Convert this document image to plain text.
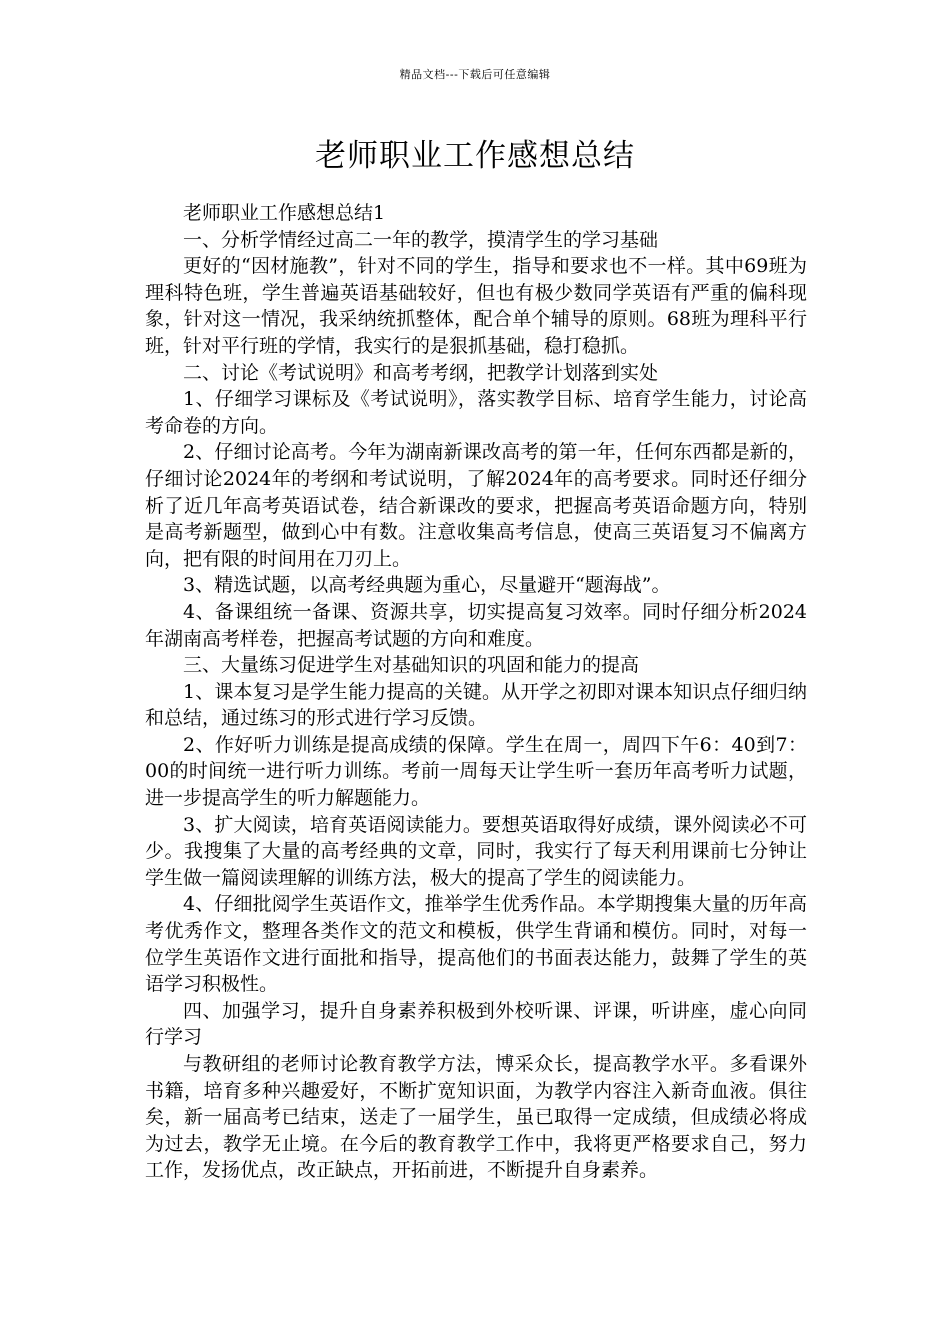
精品文档---下载后可任意编辑
老师职业工作感想总结

老师职业工作感想总结1

一、分析学情经过高二一年的教学，摸清学生的学习基础

更好的“因材施教”，针对不同的学生，指导和要求也不一样。其中69班为理科特色班，学生普遍英语基础较好，但也有极少数同学英语有严重的偏科现象，针对这一情况，我采纳统抓整体，配合单个辅导的原则。68班为理科平行班，针对平行班的学情，我实行的是狠抓基础，稳打稳抓。

二、讨论《考试说明》和高考考纲，把教学计划落到实处

1、仔细学习课标及《考试说明》，落实教学目标、培育学生能力，讨论高考命卷的方向。

2、仔细讨论高考。今年为湖南新课改高考的第一年，任何东西都是新的，仔细讨论2024年的考纲和考试说明，了解2024年的高考要求。同时还仔细分析了近几年高考英语试卷，结合新课改的要求，把握高考英语命题方向，特别是高考新题型，做到心中有数。注意收集高考信息，使高三英语复习不偏离方向，把有限的时间用在刀刃上。

3、精选试题，以高考经典题为重心，尽量避开“题海战”。

4、备课组统一备课、资源共享，切实提高复习效率。同时仔细分析2024年湖南高考样卷，把握高考试题的方向和难度。

三、大量练习促进学生对基础知识的巩固和能力的提高

1、课本复习是学生能力提高的关键。从开学之初即对课本知识点仔细归纳和总结，通过练习的形式进行学习反馈。

2、作好听力训练是提高成绩的保障。学生在周一，周四下午6：40到7：00的时间统一进行听力训练。考前一周每天让学生听一套历年高考听力试题，进一步提高学生的听力解题能力。

3、扩大阅读，培育英语阅读能力。要想英语取得好成绩，课外阅读必不可少。我搜集了大量的高考经典的文章，同时，我实行了每天利用课前七分钟让学生做一篇阅读理解的训练方法，极大的提高了学生的阅读能力。

4、仔细批阅学生英语作文，推举学生优秀作品。本学期搜集大量的历年高考优秀作文，整理各类作文的范文和模板，供学生背诵和模仿。同时，对每一位学生英语作文进行面批和指导，提高他们的书面表达能力，鼓舞了学生的英语学习积极性。

四、加强学习，提升自身素养积极到外校听课、评课，听讲座，虚心向同行学习

与教研组的老师讨论教育教学方法，博采众长，提高教学水平。多看课外书籍，培育多种兴趣爱好，不断扩宽知识面，为教学内容注入新奇血液。俱往矣，新一届高考已结束，送走了一届学生，虽已取得一定成绩，但成绩必将成为过去，教学无止境。在今后的教育教学工作中，我将更严格要求自己，努力工作，发扬优点，改正缺点，开拓前进，不断提升自身素养。
